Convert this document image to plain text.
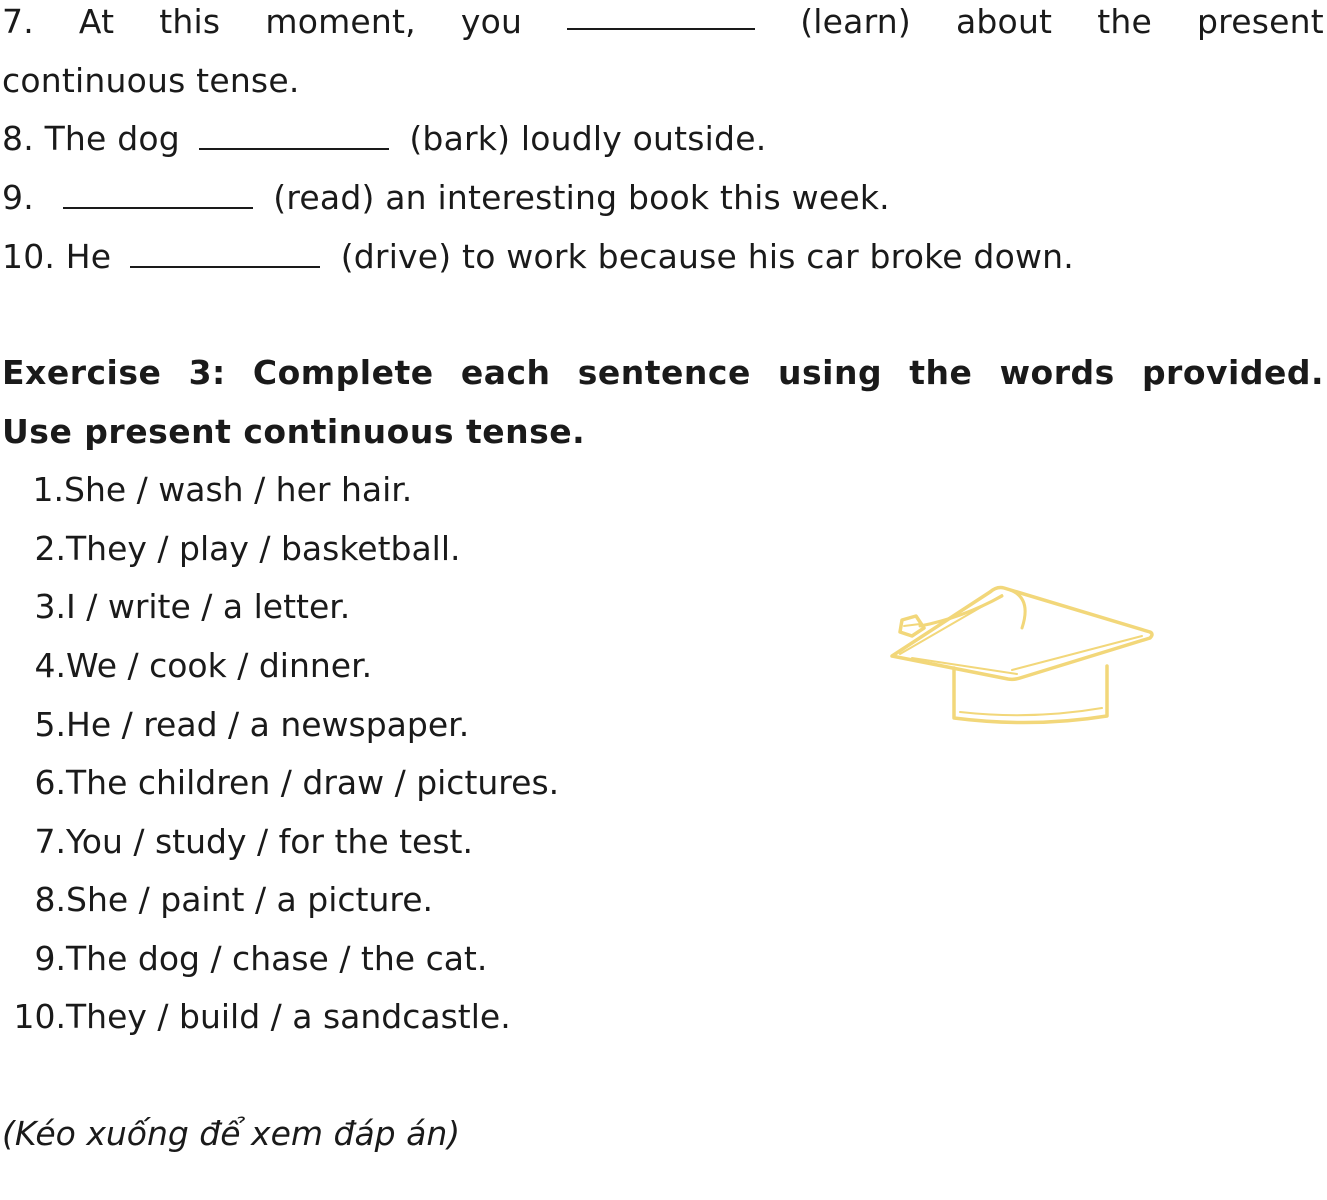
7. At this moment, you	(learn) about the present
continuous tense.
8. The dog	(bark) loudly outside.
9.	(read) an interesting book this week.
10. He	(drive) to work because his car broke down.
Exercise 3: Complete each sentence using the words provided.
Use present continuous tense.
1.She / wash / her hair.
2.They / play / basketball.
3.I / write / a letter.
4.We / cook / dinner.
5.He / read / a newspaper.
6.The children / draw / pictures.
7.You / study / for the test.
8.She / paint / a picture.
9.The dog / chase / the cat.
10.They / build / a sandcastle.
(Kéo xuống để xem đáp án)
